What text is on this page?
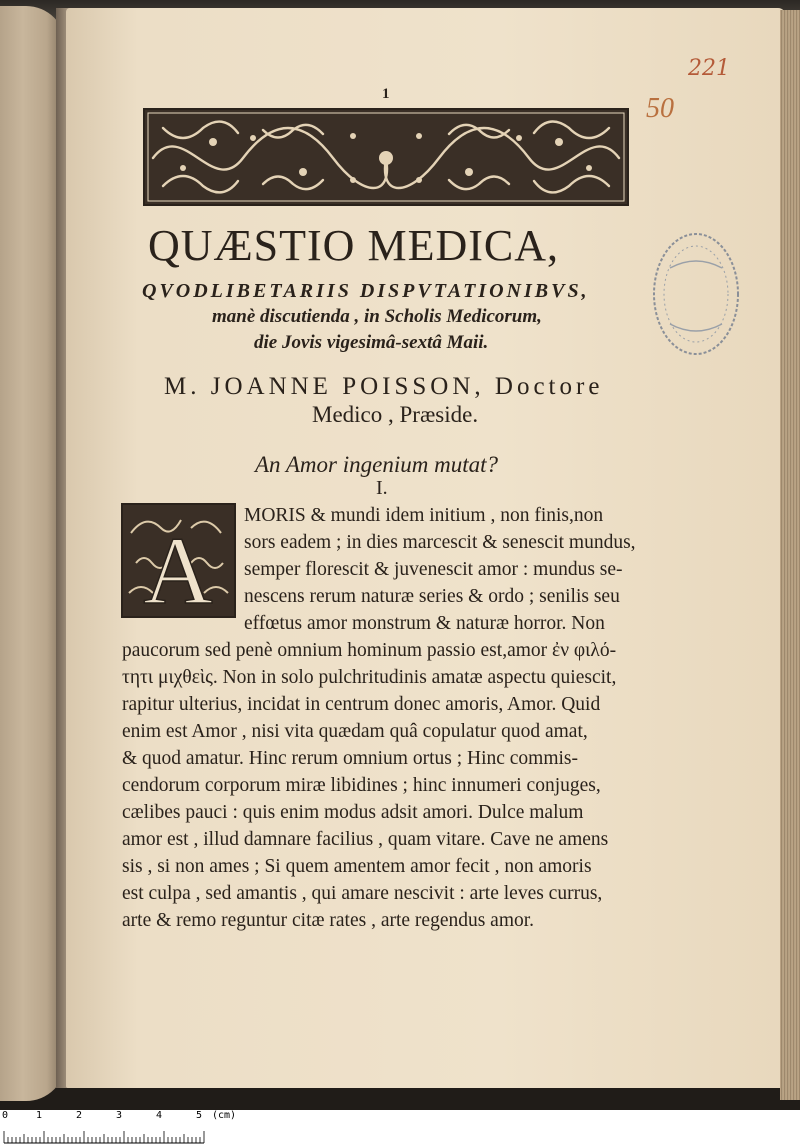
1
221
50
QUÆSTIO MEDICA,
QVODLIBETARIIS DISPVTATIONIBVS,
manè discutienda , in Scholis Medicorum,
die Jovis vigesimâ-sextâ Maii.
M. JOANNE POISSON, Doctore
Medico , Præside.
An Amor ingenium mutat?
I.
A
MORIS & mundi idem initium , non finis,non
sors eadem ; in dies marcescit & senescit mundus,
semper florescit & juvenescit amor : mundus se-
nescens rerum naturæ series & ordo ; senilis seu
effœtus amor monstrum & naturæ horror. Non
paucorum sed penè omnium hominum passio est,amor ἐν φιλό-
τητι μιχθεὶς. Non in solo pulchritudinis amatæ aspectu quiescit,
rapitur ulterius, incidat in centrum donec amoris, Amor. Quid
enim est Amor , nisi vita quædam quâ copulatur quod amat,
& quod amatur. Hinc rerum omnium ortus ; Hinc commis-
cendorum corporum miræ libidines ; hinc innumeri conjuges,
cælibes pauci : quis enim modus adsit amori. Dulce malum
amor est , illud damnare facilius , quam vitare. Cave ne amens
sis , si non ames ; Si quem amentem amor fecit , non amoris
est culpa , sed amantis , qui amare nescivit : arte leves currus,
arte & remo reguntur citæ rates , arte regendus amor.
0	1	2	3	4	5 (cm)
